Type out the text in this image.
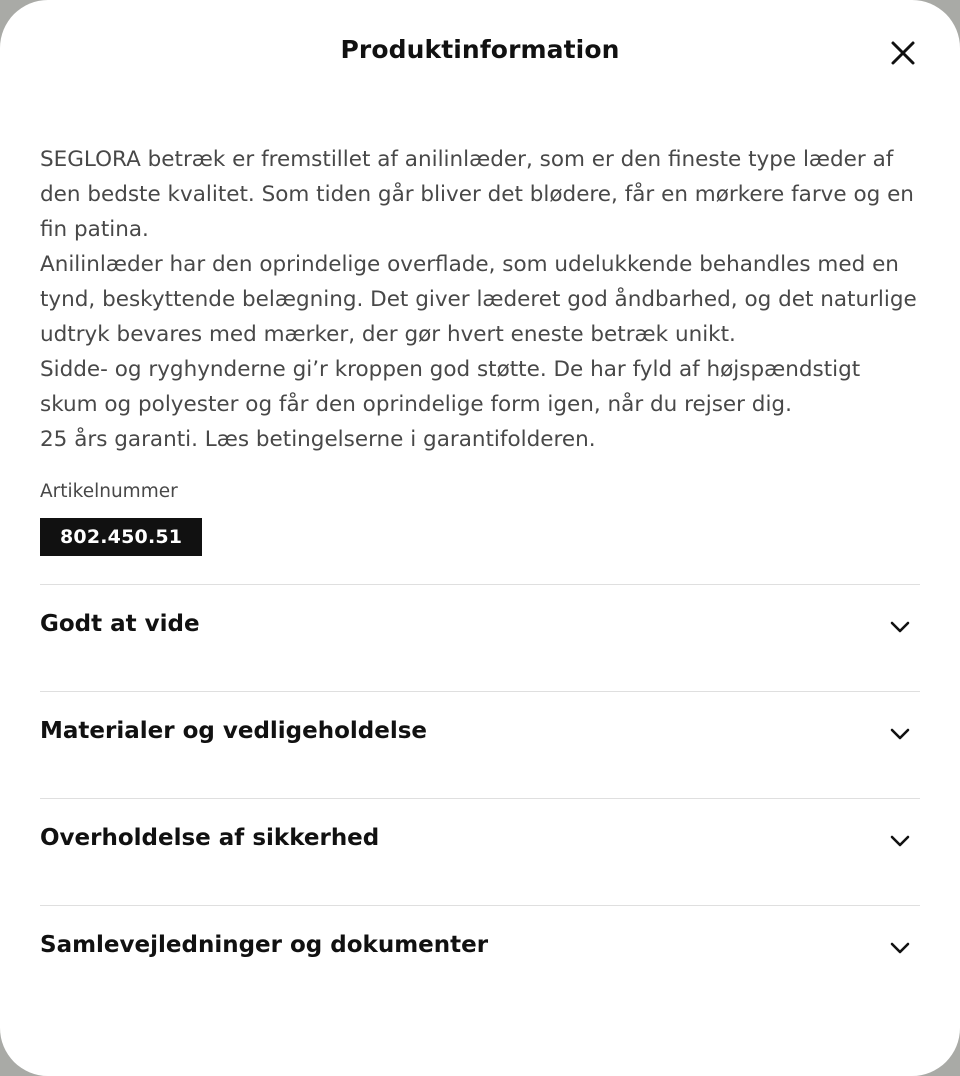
Produktinformation

SEGLORA betræk er fremstillet af anilinlæder, som er den fineste type læder af den bedste kvalitet. Som tiden går bliver det blødere, får en mørkere farve og en fin patina.

Anilinlæder har den oprindelige overflade, som udelukkende behandles med en tynd, beskyttende belægning. Det giver læderet god åndbarhed, og det naturlige udtryk bevares med mærker, der gør hvert eneste betræk unikt.

Sidde- og ryghynderne gi’r kroppen god støtte. De har fyld af højspændstigt skum og polyester og får den oprindelige form igen, når du rejser dig.

25 års garanti. Læs betingelserne i garantifolderen.

Artikelnummer
802.450.51
Godt at vide
Materialer og vedligeholdelse
Overholdelse af sikkerhed
Samlevejledninger og dokumenter
